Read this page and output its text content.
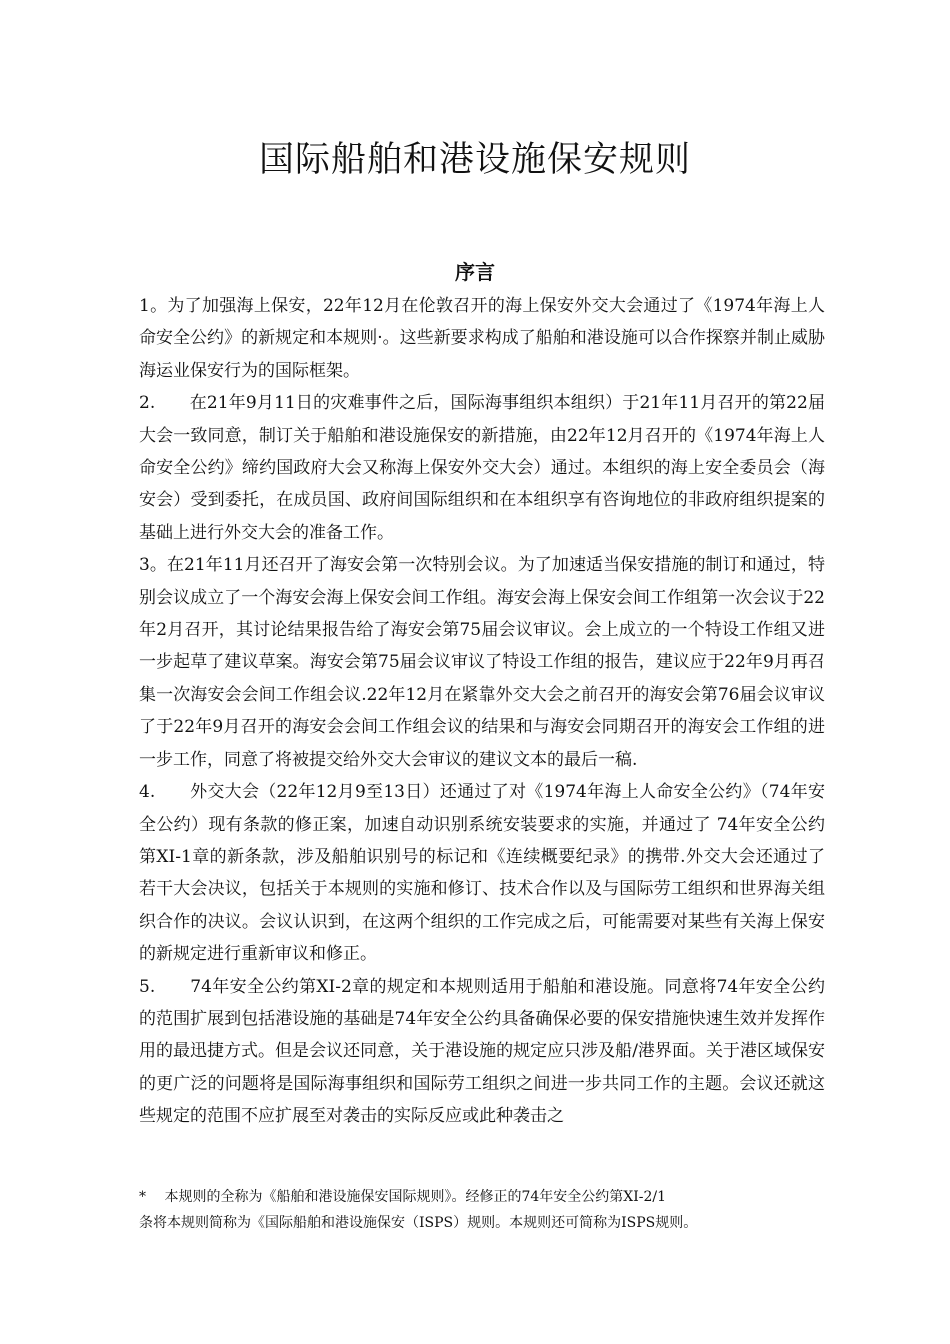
国际船舶和港设施保安规则
序言

1。为了加强海上保安，22年12月在伦敦召开的海上保安外交大会通过了《1974年海上人命安全公约》的新规定和本规则·。这些新要求构成了船舶和港设施可以合作探察并制止威胁海运业保安行为的国际框架。

2.　　在21年9月11日的灾难事件之后，国际海事组织本组织）于21年11月召开的第22届大会一致同意，制订关于船舶和港设施保安的新措施，由22年12月召开的《1974年海上人命安全公约》缔约国政府大会又称海上保安外交大会）通过。本组织的海上安全委员会（海安会）受到委托，在成员国、政府间国际组织和在本组织享有咨询地位的非政府组织提案的基础上进行外交大会的准备工作。

3。在21年11月还召开了海安会第一次特别会议。为了加速适当保安措施的制订和通过，特别会议成立了一个海安会海上保安会间工作组。海安会海上保安会间工作组第一次会议于22年2月召开，其讨论结果报告给了海安会第75届会议审议。会上成立的一个特设工作组又进一步起草了建议草案。海安会第75届会议审议了特设工作组的报告，建议应于22年9月再召集一次海安会会间工作组会议.22年12月在紧靠外交大会之前召开的海安会第76届会议审议了于22年9月召开的海安会会间工作组会议的结果和与海安会同期召开的海安会工作组的进一步工作，同意了将被提交给外交大会审议的建议文本的最后一稿.

4.　　外交大会（22年12月9至13日）还通过了对《1974年海上人命安全公约》（74年安全公约）现有条款的修正案，加速自动识别系统安装要求的实施，并通过了 74年安全公约第XI-1章的新条款，涉及船舶识别号的标记和《连续概要纪录》的携带.外交大会还通过了若干大会决议，包括关于本规则的实施和修订、技术合作以及与国际劳工组织和世界海关组织合作的决议。会议认识到，在这两个组织的工作完成之后，可能需要对某些有关海上保安的新规定进行重新审议和修正。

5.　　74年安全公约第XI-2章的规定和本规则适用于船舶和港设施。同意将74年安全公约的范围扩展到包括港设施的基础是74年安全公约具备确保必要的保安措施快速生效并发挥作用的最迅捷方式。但是会议还同意，关于港设施的规定应只涉及船/港界面。关于港区域保安的更广泛的问题将是国际海事组织和国际劳工组织之间进一步共同工作的主题。会议还就这些规定的范围不应扩展至对袭击的实际反应或此种袭击之

*　 本规则的全称为《船舶和港设施保安国际规则》。经修正的74年安全公约第XI-2/1

条将本规则简称为《国际船舶和港设施保安（ISPS）规则。本规则还可简称为ISPS规则。
